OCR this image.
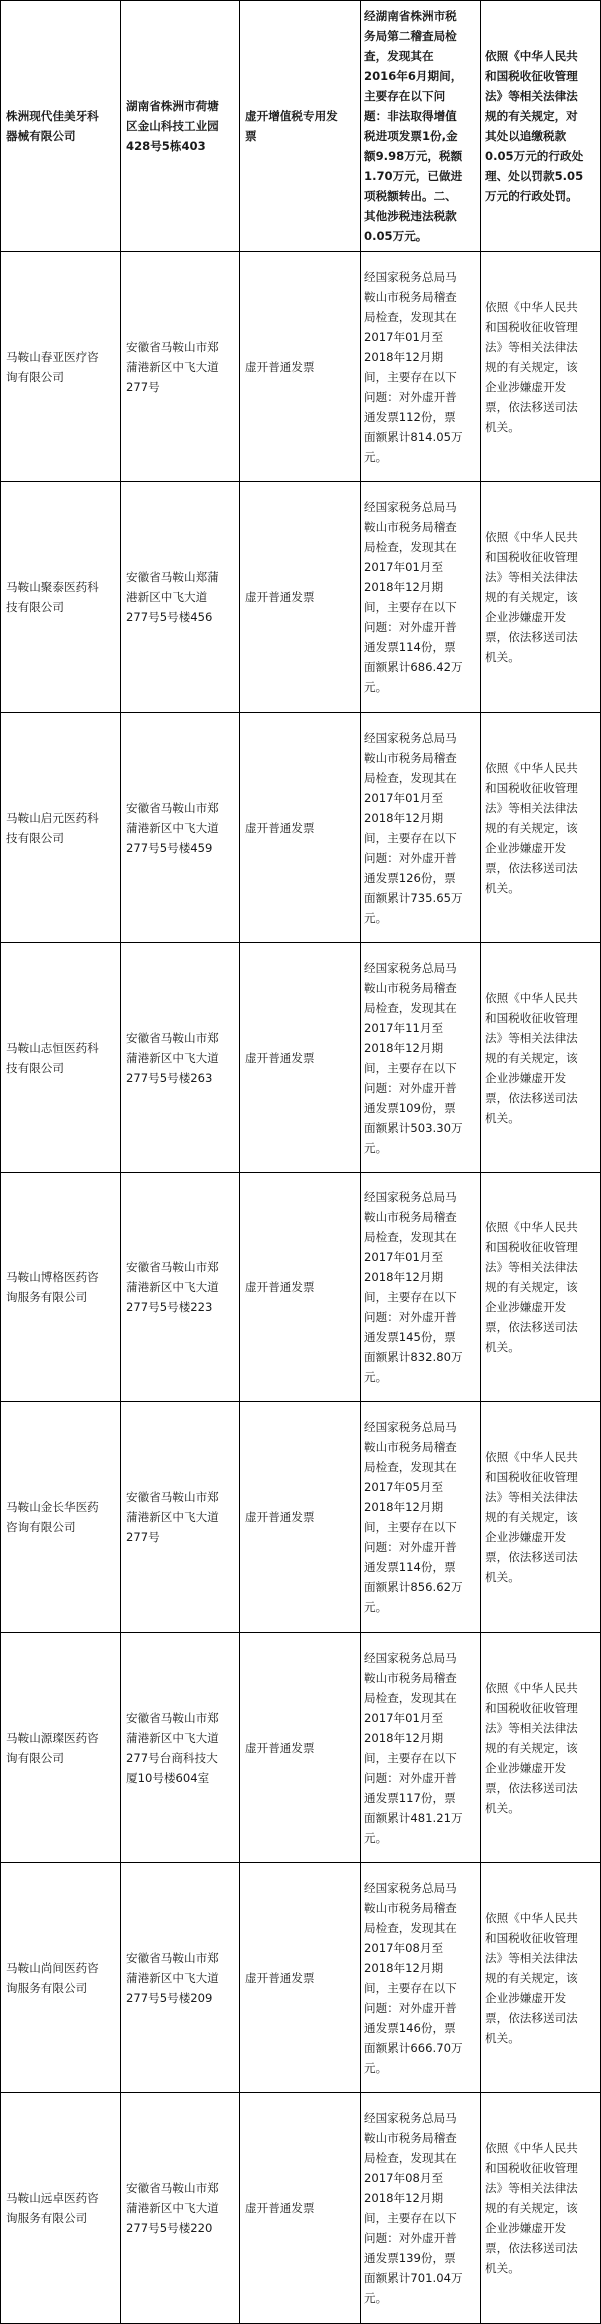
株洲现代佳美牙科
器械有限公司
湖南省株洲市荷塘
区金山科技工业园
428号5栋403
虚开增值税专用发
票
经湖南省株洲市税
务局第二稽查局检
查，发现其在
2016年6月期间，
主要存在以下问
题：非法取得增值
税进项发票1份,金
额9.98万元，税额
1.70万元，已做进
项税额转出。二、
其他涉税违法税款
0.05万元。
依照《中华人民共
和国税收征收管理
法》等相关法律法
规的有关规定，对
其处以追缴税款
0.05万元的行政处
理、处以罚款5.05
万元的行政处罚。
马鞍山春亚医疗咨
询有限公司
安徽省马鞍山市郑
蒲港新区中飞大道
277号
虚开普通发票
经国家税务总局马
鞍山市税务局稽查
局检查，发现其在
2017年01月至
2018年12月期
间，主要存在以下
问题：对外虚开普
通发票112份，票
面额累计814.05万
元。
依照《中华人民共
和国税收征收管理
法》等相关法律法
规的有关规定，该
企业涉嫌虚开发
票，依法移送司法
机关。
马鞍山聚泰医药科
技有限公司
安徽省马鞍山郑蒲
港新区中飞大道
277号5号楼456
虚开普通发票
经国家税务总局马
鞍山市税务局稽查
局检查，发现其在
2017年01月至
2018年12月期
间，主要存在以下
问题：对外虚开普
通发票114份，票
面额累计686.42万
元。
依照《中华人民共
和国税收征收管理
法》等相关法律法
规的有关规定，该
企业涉嫌虚开发
票，依法移送司法
机关。
马鞍山启元医药科
技有限公司
安徽省马鞍山市郑
蒲港新区中飞大道
277号5号楼459
虚开普通发票
经国家税务总局马
鞍山市税务局稽查
局检查，发现其在
2017年01月至
2018年12月期
间，主要存在以下
问题：对外虚开普
通发票126份，票
面额累计735.65万
元。
依照《中华人民共
和国税收征收管理
法》等相关法律法
规的有关规定，该
企业涉嫌虚开发
票，依法移送司法
机关。
马鞍山志恒医药科
技有限公司
安徽省马鞍山市郑
蒲港新区中飞大道
277号5号楼263
虚开普通发票
经国家税务总局马
鞍山市税务局稽查
局检查，发现其在
2017年11月至
2018年12月期
间，主要存在以下
问题：对外虚开普
通发票109份，票
面额累计503.30万
元。
依照《中华人民共
和国税收征收管理
法》等相关法律法
规的有关规定，该
企业涉嫌虚开发
票，依法移送司法
机关。
马鞍山博格医药咨
询服务有限公司
安徽省马鞍山市郑
蒲港新区中飞大道
277号5号楼223
虚开普通发票
经国家税务总局马
鞍山市税务局稽查
局检查，发现其在
2017年01月至
2018年12月期
间，主要存在以下
问题：对外虚开普
通发票145份，票
面额累计832.80万
元。
依照《中华人民共
和国税收征收管理
法》等相关法律法
规的有关规定，该
企业涉嫌虚开发
票，依法移送司法
机关。
马鞍山金长华医药
咨询有限公司
安徽省马鞍山市郑
蒲港新区中飞大道
277号
虚开普通发票
经国家税务总局马
鞍山市税务局稽查
局检查，发现其在
2017年05月至
2018年12月期
间，主要存在以下
问题：对外虚开普
通发票114份，票
面额累计856.62万
元。
依照《中华人民共
和国税收征收管理
法》等相关法律法
规的有关规定，该
企业涉嫌虚开发
票，依法移送司法
机关。
马鞍山源璨医药咨
询有限公司
安徽省马鞍山市郑
蒲港新区中飞大道
277号台商科技大
厦10号楼604室
虚开普通发票
经国家税务总局马
鞍山市税务局稽查
局检查，发现其在
2017年01月至
2018年12月期
间，主要存在以下
问题：对外虚开普
通发票117份，票
面额累计481.21万
元。
依照《中华人民共
和国税收征收管理
法》等相关法律法
规的有关规定，该
企业涉嫌虚开发
票，依法移送司法
机关。
马鞍山尚间医药咨
询服务有限公司
安徽省马鞍山市郑
蒲港新区中飞大道
277号5号楼209
虚开普通发票
经国家税务总局马
鞍山市税务局稽查
局检查，发现其在
2017年08月至
2018年12月期
间，主要存在以下
问题：对外虚开普
通发票146份，票
面额累计666.70万
元。
依照《中华人民共
和国税收征收管理
法》等相关法律法
规的有关规定，该
企业涉嫌虚开发
票，依法移送司法
机关。
马鞍山远卓医药咨
询服务有限公司
安徽省马鞍山市郑
蒲港新区中飞大道
277号5号楼220
虚开普通发票
经国家税务总局马
鞍山市税务局稽查
局检查，发现其在
2017年08月至
2018年12月期
间，主要存在以下
问题：对外虚开普
通发票139份，票
面额累计701.04万
元。
依照《中华人民共
和国税收征收管理
法》等相关法律法
规的有关规定，该
企业涉嫌虚开发
票，依法移送司法
机关。
